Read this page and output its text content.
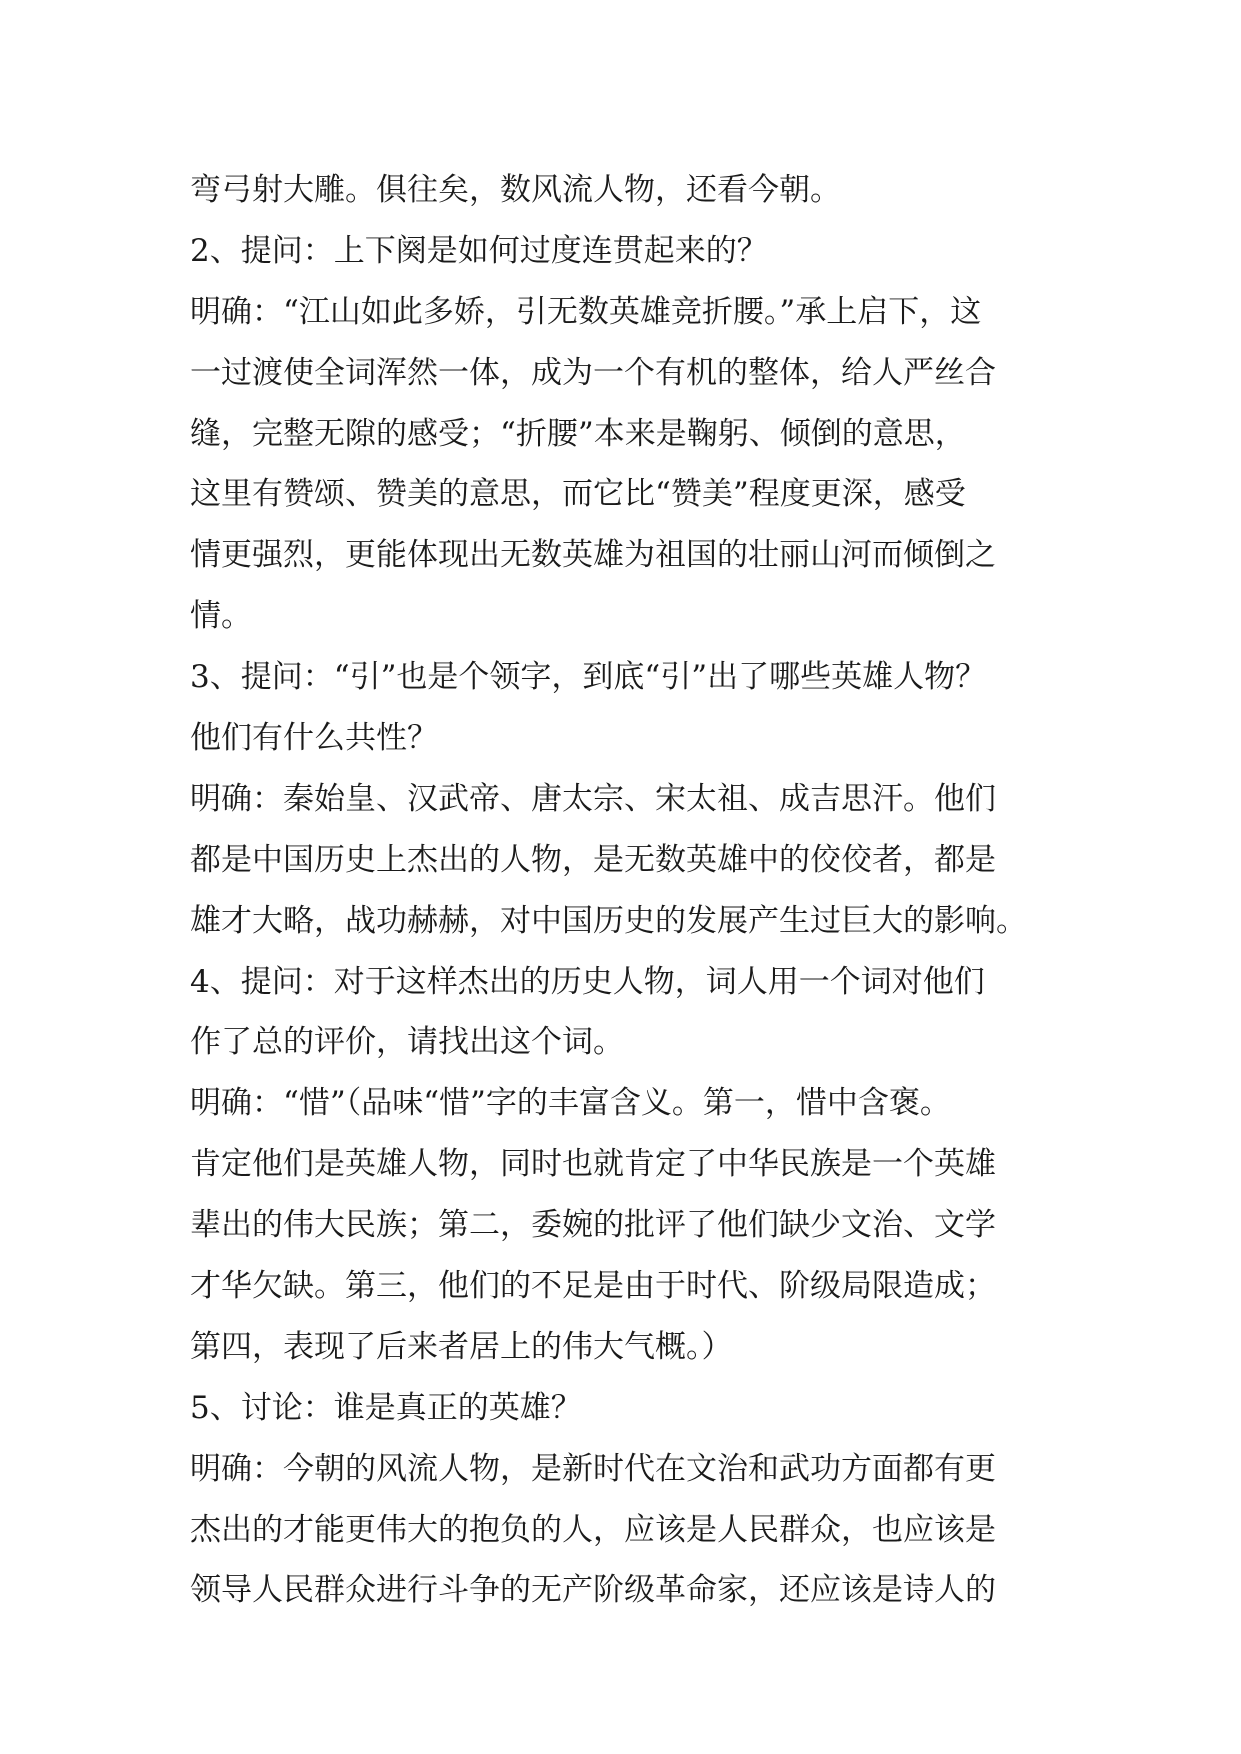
弯弓射大雕。俱往矣，数风流人物，还看今朝。
2、提问：上下阕是如何过度连贯起来的？
明确：“江山如此多娇，引无数英雄竞折腰。”承上启下，这
一过渡使全词浑然一体，成为一个有机的整体，给人严丝合
缝，完整无隙的感受；“折腰”本来是鞠躬、倾倒的意思，
这里有赞颂、赞美的意思，而它比“赞美”程度更深，感受
情更强烈，更能体现出无数英雄为祖国的壮丽山河而倾倒之
情。
3、提问：“引”也是个领字，到底“引”出了哪些英雄人物？
他们有什么共性？
明确：秦始皇、汉武帝、唐太宗、宋太祖、成吉思汗。他们
都是中国历史上杰出的人物，是无数英雄中的佼佼者，都是
雄才大略，战功赫赫，对中国历史的发展产生过巨大的影响。
4、提问：对于这样杰出的历史人物，词人用一个词对他们
作了总的评价，请找出这个词。
明确：“惜”（品味“惜”字的丰富含义。第一，惜中含褒。
肯定他们是英雄人物，同时也就肯定了中华民族是一个英雄
辈出的伟大民族；第二，委婉的批评了他们缺少文治、文学
才华欠缺。第三，他们的不足是由于时代、阶级局限造成；
第四，表现了后来者居上的伟大气概。）
5、讨论：谁是真正的英雄？
明确：今朝的风流人物，是新时代在文治和武功方面都有更
杰出的才能更伟大的抱负的人，应该是人民群众，也应该是
领导人民群众进行斗争的无产阶级革命家，还应该是诗人的
